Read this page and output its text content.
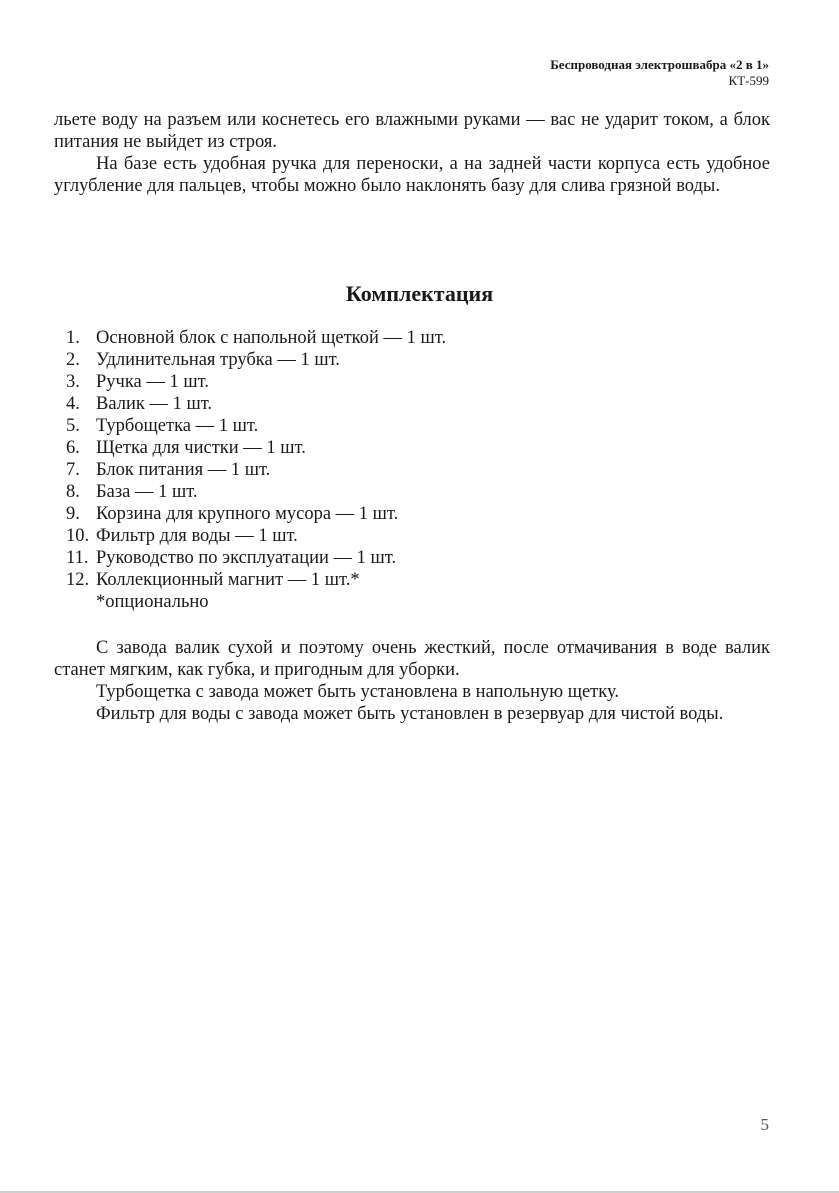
Беспроводная электрошвабра «2 в 1»
КТ-599

льете воду на разъем или коснетесь его влажными руками — вас не ударит током, а блок питания не выйдет из строя.

На базе есть удобная ручка для переноски, а на задней части корпуса есть удобное углубление для пальцев, чтобы можно было наклонять базу для слива грязной воды.

Комплектация
1. Основной блок с напольной щеткой — 1 шт.
2. Удлинительная трубка — 1 шт.
3. Ручка — 1 шт.
4. Валик — 1 шт.
5. Турбощетка — 1 шт.
6. Щетка для чистки — 1 шт.
7. Блок питания — 1 шт.
8. База — 1 шт.
9. Корзина для крупного мусора — 1 шт.
10. Фильтр для воды — 1 шт.
11. Руководство по эксплуатации — 1 шт.
12. Коллекционный магнит — 1 шт.*
*опционально

С завода валик сухой и поэтому очень жесткий, после отмачивания в воде валик станет мягким, как губка, и пригодным для уборки.

Турбощетка с завода может быть установлена в напольную щетку.

Фильтр для воды с завода может быть установлен в резервуар для чистой воды.

5
